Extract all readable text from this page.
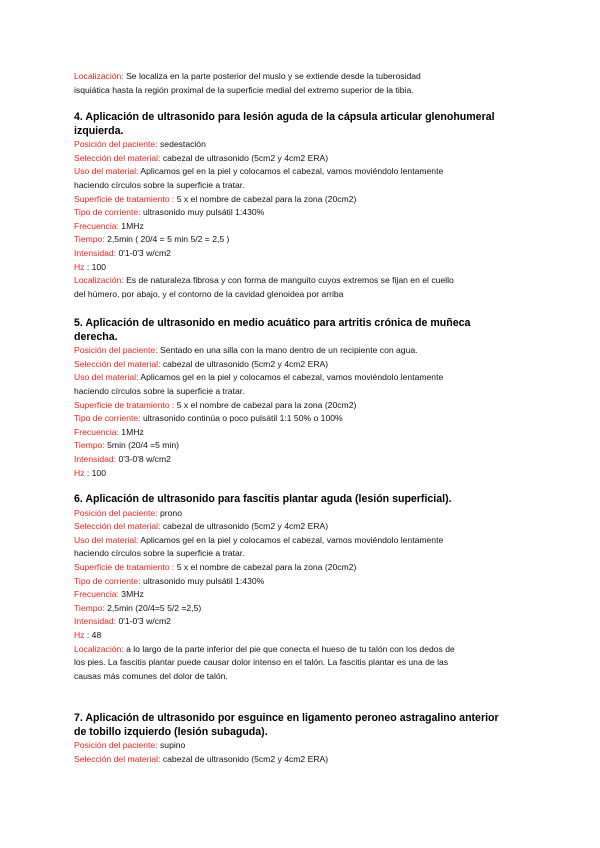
Localización: Se localiza en la parte posterior del muslo y se extiende desde la tuberosidad
isquiática hasta la región proximal de la superficie medial del extremo superior de la tibia.
4. Aplicación de ultrasonido para lesión aguda de la cápsula articular glenohumeral
izquierda.
Posición del paciente: sedestación
Selección del material: cabezal de ultrasonido (5cm2 y 4cm2 ERA)
Uso del material: Aplicamos gel en la piel y colocamos el cabezal, vamos moviéndolo lentamente
haciendo círculos sobre la superficie a tratar.
Superficie de tratamiento : 5 x el nombre de cabezal para la zona (20cm2)
Tipo de corriente: ultrasonido muy pulsátil 1:430%
Frecuencia: 1MHz
Tiempo: 2,5min ( 20/4 = 5 min 5/2 = 2,5 )
Intensidad: 0'1-0'3 w/cm2
Hz : 100
Localización: Es de naturaleza fibrosa y con forma de manguito cuyos extremos se fijan en el cuello
del húmero, por abajo, y el contorno de la cavidad glenoidea por arriba
5. Aplicación de ultrasonido en medio acuático para artritis crónica de muñeca
derecha.
Posición del paciente: Sentado en una silla con la mano dentro de un recipiente con agua.
Selección del material: cabezal de ultrasonido (5cm2 y 4cm2 ERA)
Uso del material: Aplicamos gel en la piel y colocamos el cabezal, vamos moviéndolo lentamente
haciendo círculos sobre la superficie a tratar.
Superficie de tratamiento : 5 x el nombre de cabezal para la zona (20cm2)
Tipo de corriente: ultrasonido continúa o poco pulsátil 1:1 50% o 100%
Frecuencia: 1MHz
Tiempo: 5min (20/4 =5 min)
Intensidad: 0'3-0'8 w/cm2
Hz : 100
6. Aplicación de ultrasonido para fascitis plantar aguda (lesión superficial).
Posición del paciente: prono
Selección del material: cabezal de ultrasonido (5cm2 y 4cm2 ERA)
Uso del material: Aplicamos gel en la piel y colocamos el cabezal, vamos moviéndolo lentamente
haciendo círculos sobre la superficie a tratar.
Superficie de tratamiento : 5 x el nombre de cabezal para la zona (20cm2)
Tipo de corriente: ultrasonido muy pulsátil 1:430%
Frecuencia: 3MHz
Tiempo: 2,5min (20/4=5 5/2 =2,5)
Intensidad: 0'1-0'3 w/cm2
Hz : 48
Localización: a lo largo de la parte inferior del pie que conecta el hueso de tu talón con los dedos de
los pies. La fascitis plantar puede causar dolor intenso en el talón. La fascitis plantar es una de las
causas más comunes del dolor de talón.
7. Aplicación de ultrasonido por esguince en ligamento peroneo astragalino anterior
de tobillo izquierdo (lesión subaguda).
Posición del paciente: supino
Selección del material: cabezal de ultrasonido (5cm2 y 4cm2 ERA)
